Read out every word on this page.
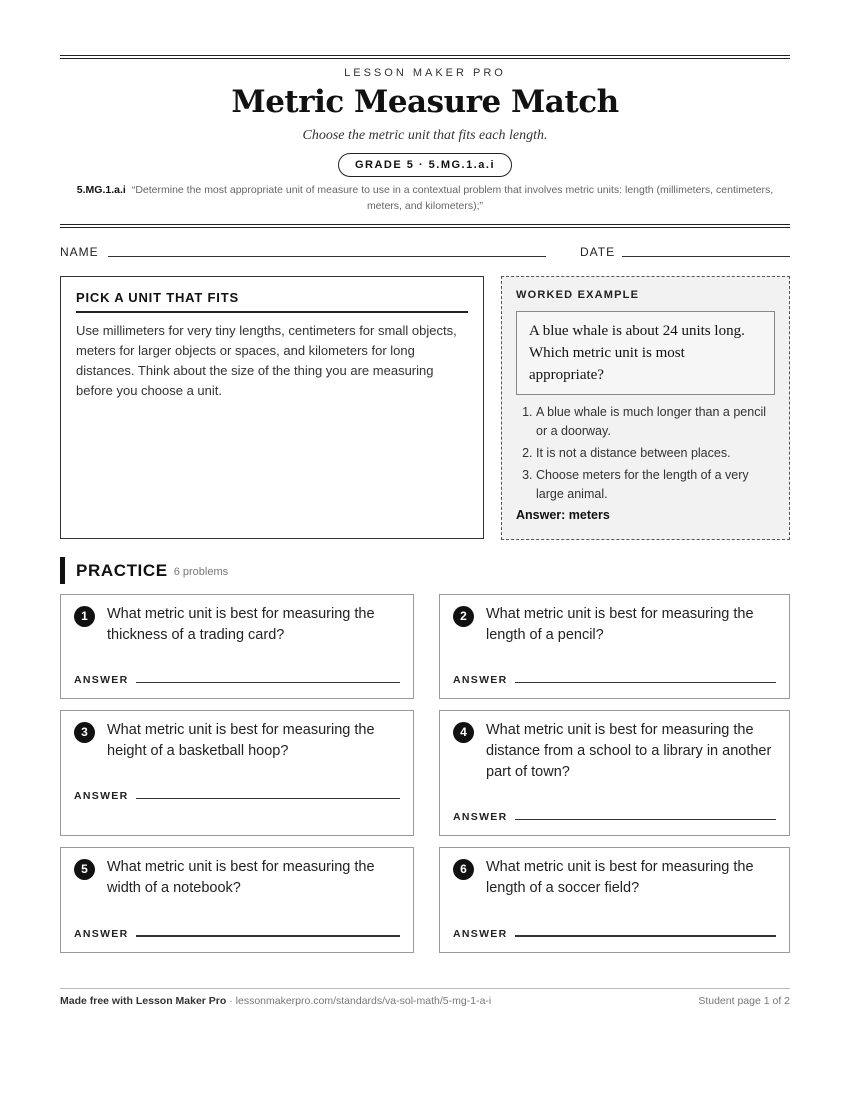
LESSON MAKER PRO
Metric Measure Match
Choose the metric unit that fits each length.
GRADE 5 · 5.MG.1.a.i
5.MG.1.a.i “Determine the most appropriate unit of measure to use in a contextual problem that involves metric units: length (millimeters, centimeters, meters, and kilometers);”
NAME	DATE
PICK A UNIT THAT FITS
Use millimeters for very tiny lengths, centimeters for small objects, meters for larger objects or spaces, and kilometers for long distances. Think about the size of the thing you are measuring before you choose a unit.
WORKED EXAMPLE
A blue whale is about 24 units long. Which metric unit is most appropriate?
1. A blue whale is much longer than a pencil or a doorway.
2. It is not a distance between places.
3. Choose meters for the length of a very large animal.
Answer: meters
PRACTICE 6 problems
1	What metric unit is best for measuring the thickness of a trading card?
ANSWER
2	What metric unit is best for measuring the length of a pencil?
ANSWER
3	What metric unit is best for measuring the height of a basketball hoop?
ANSWER
4	What metric unit is best for measuring the distance from a school to a library in another part of town?
ANSWER
5	What metric unit is best for measuring the width of a notebook?
ANSWER
6	What metric unit is best for measuring the length of a soccer field?
ANSWER
Made free with Lesson Maker Pro · lessonmakerpro.com/standards/va-sol-math/5-mg-1-a-i	Student page 1 of 2
